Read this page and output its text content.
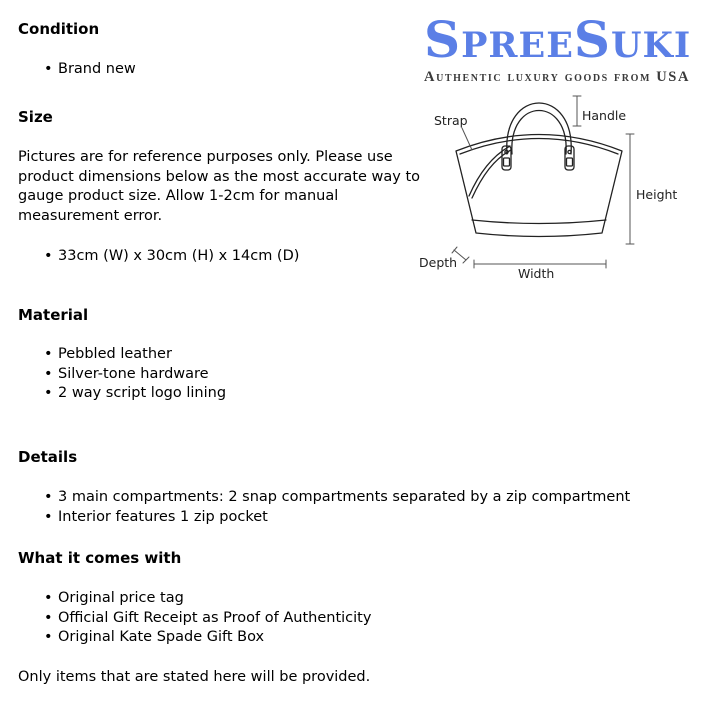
SpreeSuki
Authentic luxury goods from USA
Strap	Handle
Height
Depth
Width
Condition
• Brand new
Size
Pictures are for reference purposes only. Please use
product dimensions below as the most accurate way to
gauge product size. Allow 1-2cm for manual
measurement error.
• 33cm (W) x 30cm (H) x 14cm (D)
Material
• Pebbled leather
• Silver-tone hardware
• 2 way script logo lining
Details
• 3 main compartments: 2 snap compartments separated by a zip compartment
• Interior features 1 zip pocket
What it comes with
• Original price tag
• Official Gift Receipt as Proof of Authenticity
• Original Kate Spade Gift Box
Only items that are stated here will be provided.
